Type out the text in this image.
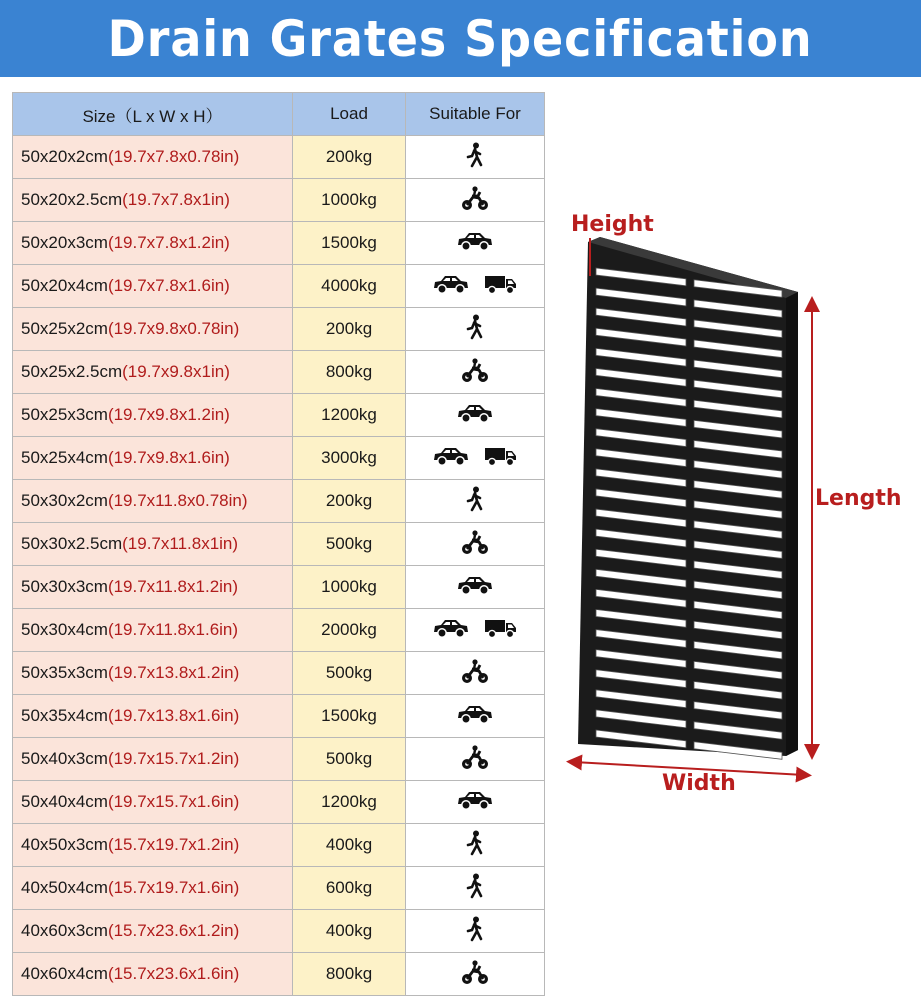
Drain Grates Specification
Size（L x W x H）	Load	Suitable For
50x20x2cm(19.7x7.8x0.78in)	200kg	

50x20x2.5cm(19.7x7.8x1in)	1000kg	

50x20x3cm(19.7x7.8x1.2in)	1500kg	

50x20x4cm(19.7x7.8x1.6in)	4000kg	

50x25x2cm(19.7x9.8x0.78in)	200kg	

50x25x2.5cm(19.7x9.8x1in)	800kg	

50x25x3cm(19.7x9.8x1.2in)	1200kg	

50x25x4cm(19.7x9.8x1.6in)	3000kg	

50x30x2cm(19.7x11.8x0.78in)	200kg	

50x30x2.5cm(19.7x11.8x1in)	500kg	

50x30x3cm(19.7x11.8x1.2in)	1000kg	

50x30x4cm(19.7x11.8x1.6in)	2000kg	

50x35x3cm(19.7x13.8x1.2in)	500kg	

50x35x4cm(19.7x13.8x1.6in)	1500kg	

50x40x3cm(19.7x15.7x1.2in)	500kg	

50x40x4cm(19.7x15.7x1.6in)	1200kg	

40x50x3cm(15.7x19.7x1.2in)	400kg	

40x50x4cm(15.7x19.7x1.6in)	600kg	

40x60x3cm(15.7x23.6x1.2in)	400kg	

40x60x4cm(15.7x23.6x1.6in)	800kg	
Height
Length
Width
